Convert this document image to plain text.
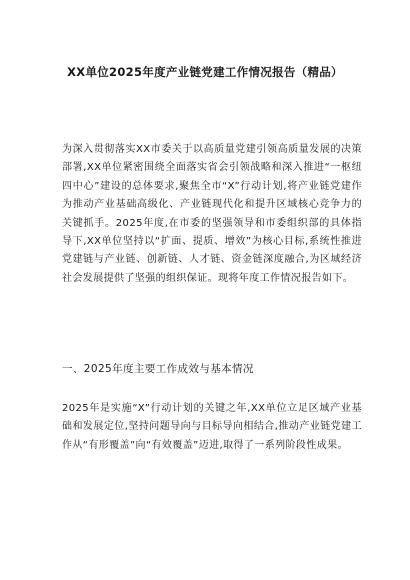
XX单位2025年度产业链党建工作情况报告（精品）

为深入贯彻落实XX市委关于以高质量党建引领高质量发展的决策部署,XX单位紧密围绕全面落实省会引领战略和深入推进“一枢纽四中心”建设的总体要求,聚焦全市“X”行动计划,将产业链党建作为推动产业基础高级化、产业链现代化和提升区域核心竞争力的关键抓手。2025年度,在市委的坚强领导和市委组织部的具体指导下,XX单位坚持以“扩面、提质、增效”为核心目标,系统性推进党建链与产业链、创新链、人才链、资金链深度融合,为区域经济社会发展提供了坚强的组织保证。现将年度工作情况报告如下。

一、2025年度主要工作成效与基本情况

2025年是实施“X”行动计划的关键之年,XX单位立足区域产业基础和发展定位,坚持问题导向与目标导向相结合,推动产业链党建工作从“有形覆盖”向“有效覆盖”迈进,取得了一系列阶段性成果。
